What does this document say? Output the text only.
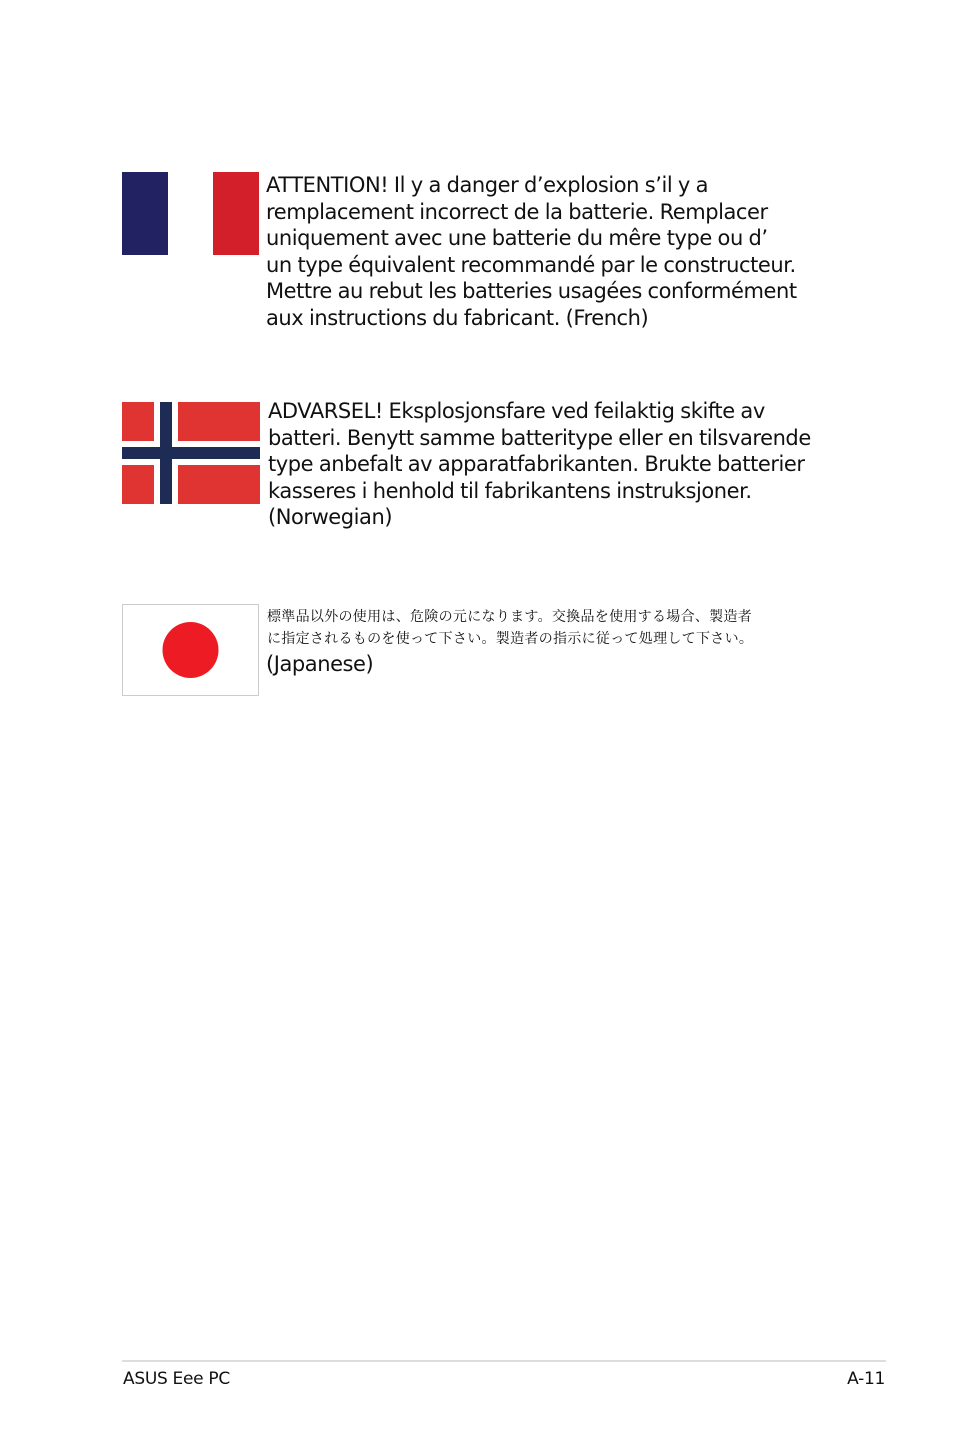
ATTENTION! Il y a danger d’explosion s’il y a
remplacement incorrect de la batterie. Remplacer
uniquement avec une batterie du mêre type ou d’
un type équivalent recommandé par le constructeur.
Mettre au rebut les batteries usagées conformément
aux instructions du fabricant. (French)

ADVARSEL! Eksplosjonsfare ved feilaktig skifte av
batteri. Benytt samme batteritype eller en tilsvarende
type anbefalt av apparatfabrikanten. Brukte batterier
kasseres i henhold til fabrikantens instruksjoner.
(Norwegian)

標準品以外の使用は、危険の元になります。交換品を使用する場合、製造者

に指定されるものを使って下さい。製造者の指示に従って処理して下さい。

(Japanese)

ASUS Eee PC	A-11
